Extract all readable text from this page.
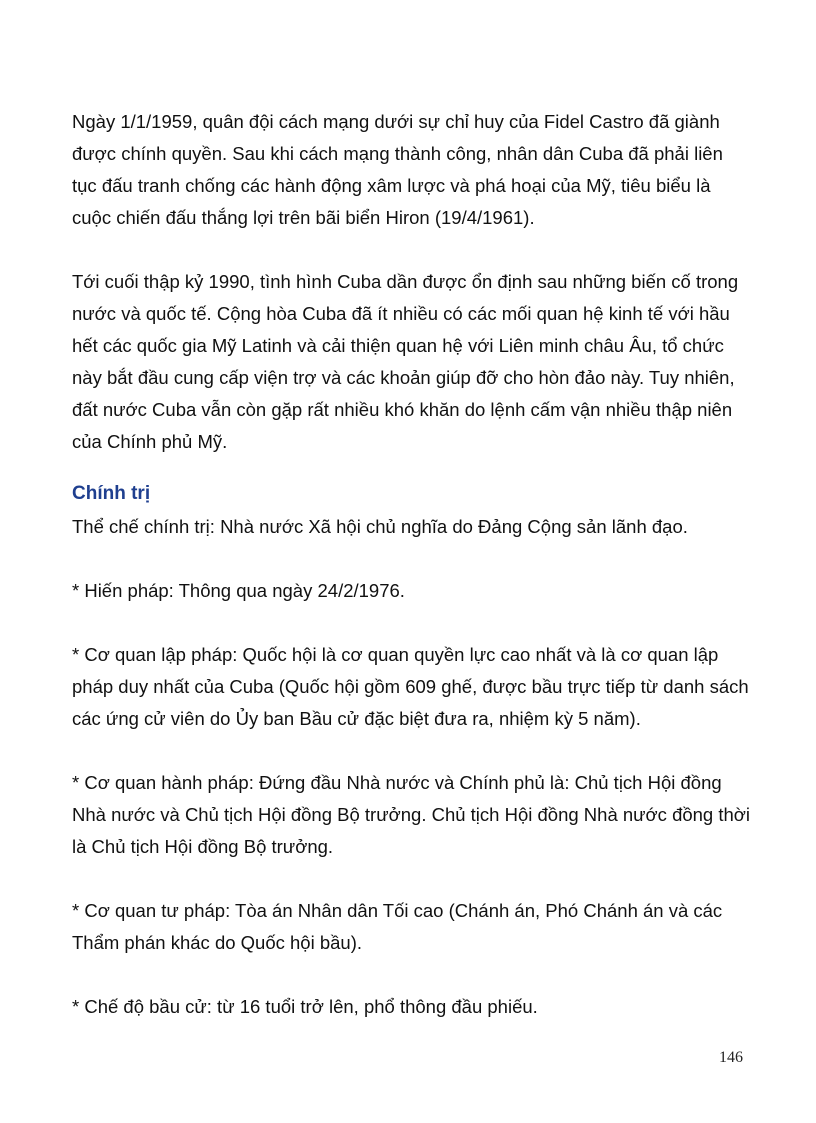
Ngày 1/1/1959, quân đội cách mạng dưới sự chỉ huy của Fidel Castro đã giành được chính quyền. Sau khi cách mạng thành công, nhân dân Cuba đã phải liên tục đấu tranh chống các hành động xâm lược và phá hoại của Mỹ, tiêu biểu là cuộc chiến đấu thắng lợi trên bãi biển Hiron (19/4/1961).

Tới cuối thập kỷ 1990, tình hình Cuba dần được ổn định sau những biến cố trong nước và quốc tế. Cộng hòa Cuba đã ít nhiều có các mối quan hệ kinh tế với hầu hết các quốc gia Mỹ Latinh và cải thiện quan hệ với Liên minh châu Âu, tổ chức này bắt đầu cung cấp viện trợ và các khoản giúp đỡ cho hòn đảo này. Tuy nhiên, đất nước Cuba vẫn còn gặp rất nhiều khó khăn do lệnh cấm vận nhiều thập niên của Chính phủ Mỹ.

Chính trị

Thể chế chính trị: Nhà nước Xã hội chủ nghĩa do Đảng Cộng sản lãnh đạo.

* Hiến pháp: Thông qua ngày 24/2/1976.

* Cơ quan lập pháp: Quốc hội là cơ quan quyền lực cao nhất và là cơ quan lập pháp duy nhất của Cuba (Quốc hội gồm 609 ghế, được bầu trực tiếp từ danh sách các ứng cử viên do Ủy ban Bầu cử đặc biệt đưa ra, nhiệm kỳ 5 năm).

* Cơ quan hành pháp: Đứng đầu Nhà nước và Chính phủ là: Chủ tịch Hội đồng Nhà nước và Chủ tịch Hội đồng Bộ trưởng. Chủ tịch Hội đồng Nhà nước đồng thời là Chủ tịch Hội đồng Bộ trưởng.

* Cơ quan tư pháp: Tòa án Nhân dân Tối cao (Chánh án, Phó Chánh án và các Thẩm phán khác do Quốc hội bầu).

* Chế độ bầu cử: từ 16 tuổi trở lên, phổ thông đầu phiếu.

146
